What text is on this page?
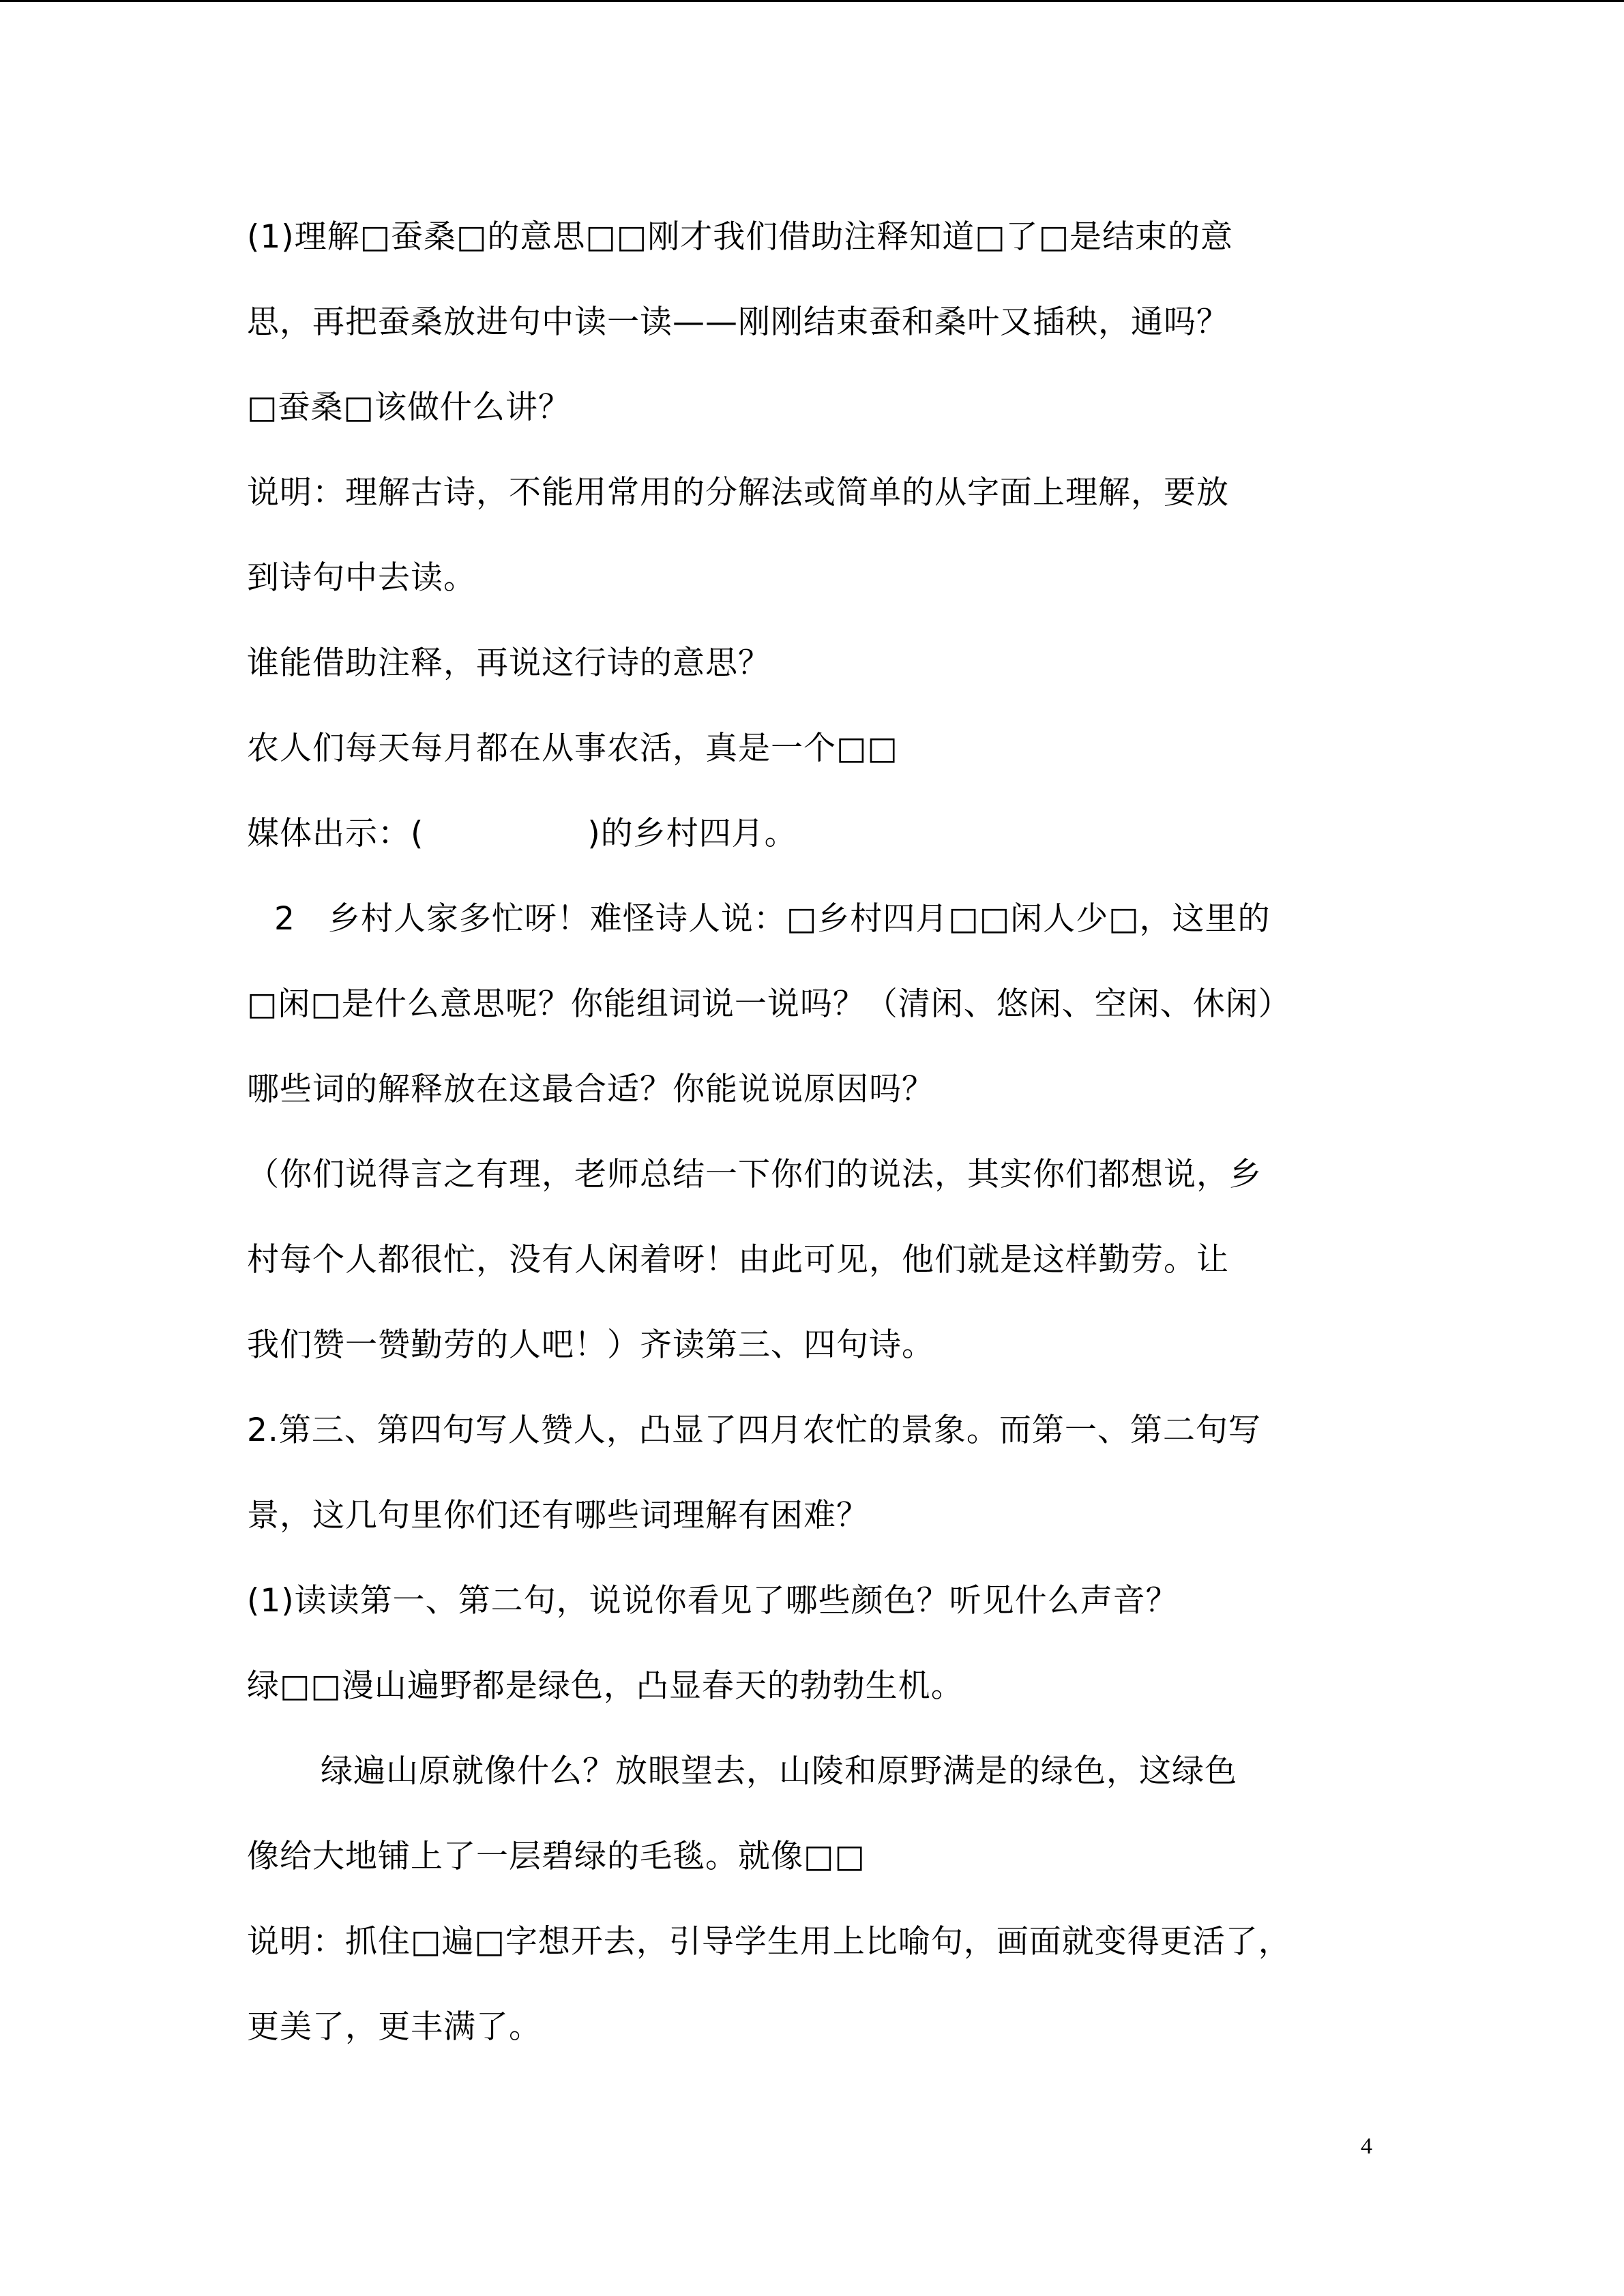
(1)理解□蚕桑□的意思□□刚才我们借助注释知道□了□是结束的意
思，再把蚕桑放进句中读一读——刚刚结束蚕和桑叶又插秧，通吗？
□蚕桑□该做什么讲？
说明：理解古诗，不能用常用的分解法或简单的从字面上理解，要放
到诗句中去读。
谁能借助注释，再说这行诗的意思？
农人们每天每月都在从事农活，真是一个□□
媒体出示：(	)的乡村四月。
2　乡村人家多忙呀！难怪诗人说：□乡村四月□□闲人少□，这里的
□闲□是什么意思呢？你能组词说一说吗？（清闲、悠闲、空闲、休闲）
哪些词的解释放在这最合适？你能说说原因吗？
（你们说得言之有理，老师总结一下你们的说法，其实你们都想说，乡
村每个人都很忙，没有人闲着呀！由此可见，他们就是这样勤劳。让
我们赞一赞勤劳的人吧！）齐读第三、四句诗。
2.第三、第四句写人赞人，凸显了四月农忙的景象。而第一、第二句写
景，这几句里你们还有哪些词理解有困难？
(1)读读第一、第二句，说说你看见了哪些颜色？听见什么声音？
绿□□漫山遍野都是绿色，凸显春天的勃勃生机。
绿遍山原就像什么？放眼望去，山陵和原野满是的绿色，这绿色
像给大地铺上了一层碧绿的毛毯。就像□□
说明：抓住□遍□字想开去，引导学生用上比喻句，画面就变得更活了，
更美了，更丰满了。
4
